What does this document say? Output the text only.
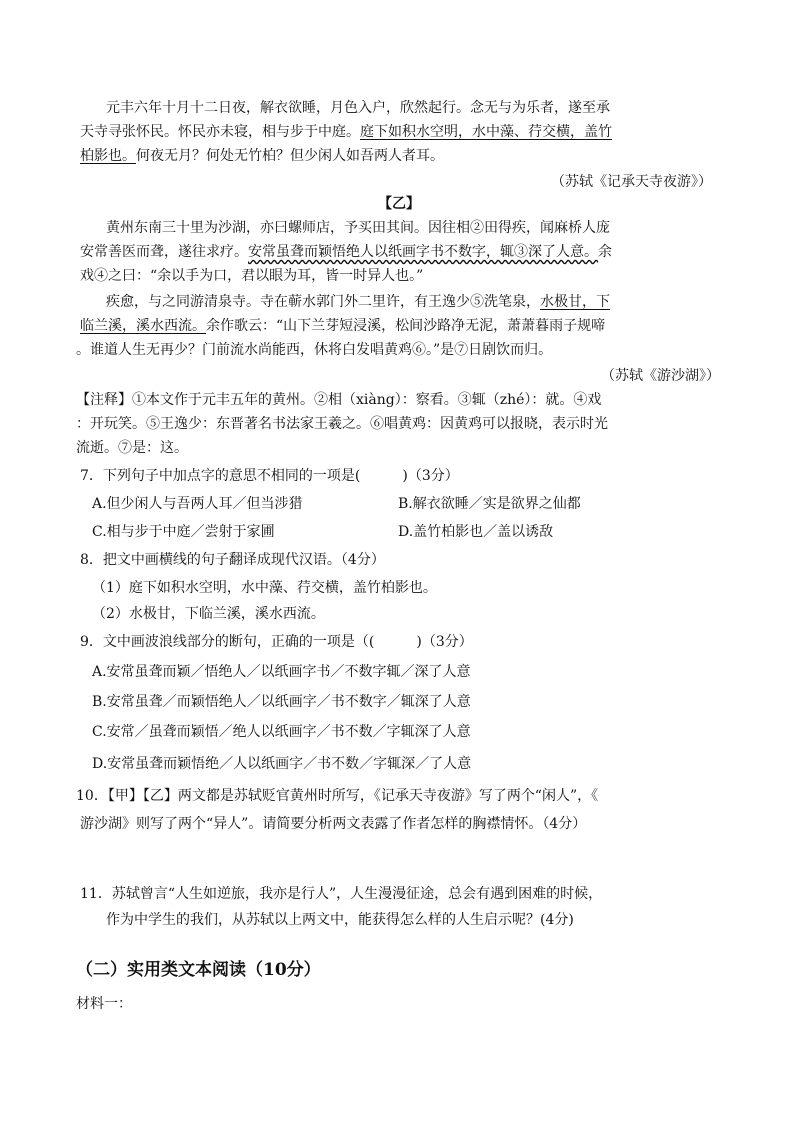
元丰六年十月十二日夜，解衣欲睡，月色入户，欣然起行。念无与为乐者，遂至承
天寺寻张怀民。怀民亦未寝，相与步于中庭。庭下如积水空明，水中藻、荇交横，盖竹
柏影也。何夜无月？何处无竹柏？但少闲人如吾两人者耳。
（苏轼《记承天寺夜游》）
【乙】
黄州东南三十里为沙湖，亦曰螺师店，予买田其间。因往相②田得疾，闻麻桥人庞
安常善医而聋，遂往求疗。安常虽聋而颖悟绝人以纸画字书不数字，辄③深了人意。余
戏④之曰：“余以手为口，君以眼为耳，皆一时异人也。”
疾愈，与之同游清泉寺。寺在蕲水郭门外二里许，有王逸少⑤洗笔泉，水极甘，下
临兰溪，溪水西流。余作歌云：“山下兰芽短浸溪，松间沙路净无泥，萧萧暮雨子规啼
。谁道人生无再少？门前流水尚能西，休将白发唱黄鸡⑥。”是⑦日剧饮而归。
（苏轼《游沙湖》）
【注释】①本文作于元丰五年的黄州。②相（xiàng）：察看。③辄（zhé）：就。④戏
：开玩笑。⑤王逸少：东晋著名书法家王羲之。⑥唱黄鸡：因黄鸡可以报晓，表示时光
流逝。⑦是：这。
7．下列句子中加点字的意思不相同的一项是(　　　)（3分）
A.但少闲人与吾两人耳／但当涉猎	B.解衣欲睡／实是欲界之仙都
C.相与步于中庭／尝射于家圃	D.盖竹柏影也／盖以诱敌
8．把文中画横线的句子翻译成现代汉语。（4分）
（1）庭下如积水空明，水中藻、荇交横，盖竹柏影也。
（2）水极甘，下临兰溪，溪水西流。
9．文中画波浪线部分的断句，正确的一项是（(　　　)（3分）
A.安常虽聋而颖／悟绝人／以纸画字书／不数字辄／深了人意
B.安常虽聋／而颖悟绝人／以纸画字／书不数字／辄深了人意
C.安常／虽聋而颖悟／绝人以纸画字／书不数／字辄深了人意
D.安常虽聋而颖悟绝／人以纸画字／书不数／字辄深／了人意
10．【甲】【乙】两文都是苏轼贬官黄州时所写，《记承天寺夜游》写了两个“闲人”，《
游沙湖》则写了两个“异人”。请简要分析两文表露了作者怎样的胸襟情怀。（4分）
11．苏轼曾言“人生如逆旅，我亦是行人”，人生漫漫征途，总会有遇到困难的时候，
作为中学生的我们，从苏轼以上两文中，能获得怎么样的人生启示呢？(4分)
（二）实用类文本阅读（10分）
材料一：
